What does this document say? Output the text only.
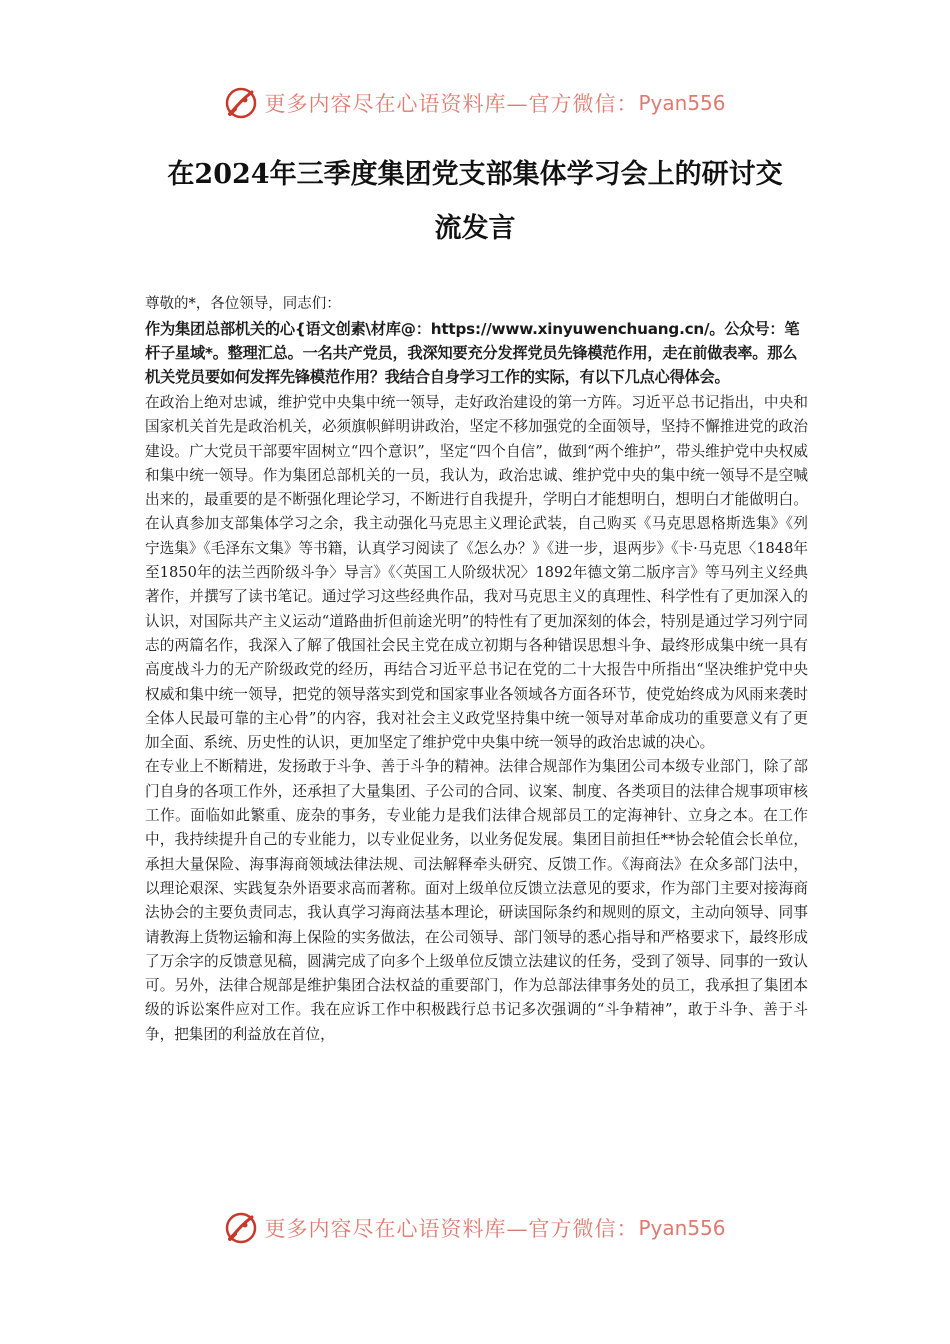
更多内容尽在心语资料库—官方微信： Pyan556
在2024年三季度集团党支部集体学习会上的研讨交
流发言

尊敬的*，各位领导，同志们：

作为集团总部机关的心{语文创素\材库@：https://www.xinyuwenchuang.cn/。公众号：笔杆子星域*。整理汇总。一名共产党员，我深知要充分发挥党员先锋模范作用，走在前做表率。那么机关党员要如何发挥先锋模范作用？我结合自身学习工作的实际，有以下几点心得体会。

在政治上绝对忠诚，维护党中央集中统一领导，走好政治建设的第一方阵。习近平总书记指出，中央和国家机关首先是政治机关，必须旗帜鲜明讲政治，坚定不移加强党的全面领导，坚持不懈推进党的政治建设。广大党员干部要牢固树立“四个意识”，坚定“四个自信”，做到“两个维护”，带头维护党中央权威和集中统一领导。作为集团总部机关的一员，我认为，政治忠诚、维护党中央的集中统一领导不是空喊出来的，最重要的是不断强化理论学习，不断进行自我提升，学明白才能想明白，想明白才能做明白。在认真参加支部集体学习之余，我主动强化马克思主义理论武装，自己购买《马克思恩格斯选集》《列宁选集》《毛泽东文集》等书籍，认真学习阅读了《怎么办？》《进一步，退两步》《卡·马克思〈1848年至1850年的法兰西阶级斗争〉导言》《〈英国工人阶级状况〉1892年德文第二版序言》等马列主义经典著作，并撰写了读书笔记。通过学习这些经典作品，我对马克思主义的真理性、科学性有了更加深入的认识，对国际共产主义运动“道路曲折但前途光明”的特性有了更加深刻的体会，特别是通过学习列宁同志的两篇名作，我深入了解了俄国社会民主党在成立初期与各种错误思想斗争、最终形成集中统一具有高度战斗力的无产阶级政党的经历，再结合习近平总书记在党的二十大报告中所指出“坚决维护党中央权威和集中统一领导，把党的领导落实到党和国家事业各领域各方面各环节，使党始终成为风雨来袭时全体人民最可靠的主心骨”的内容，我对社会主义政党坚持集中统一领导对革命成功的重要意义有了更加全面、系统、历史性的认识，更加坚定了维护党中央集中统一领导的政治忠诚的决心。

在专业上不断精进，发扬敢于斗争、善于斗争的精神。法律合规部作为集团公司本级专业部门，除了部门自身的各项工作外，还承担了大量集团、子公司的合同、议案、制度、各类项目的法律合规事项审核工作。面临如此繁重、庞杂的事务，专业能力是我们法律合规部员工的定海神针、立身之本。在工作中，我持续提升自己的专业能力，以专业促业务，以业务促发展。集团目前担任**协会轮值会长单位，承担大量保险、海事海商领域法律法规、司法解释牵头研究、反馈工作。《海商法》在众多部门法中，以理论艰深、实践复杂外语要求高而著称。面对上级单位反馈立法意见的要求，作为部门主要对接海商法协会的主要负责同志，我认真学习海商法基本理论，研读国际条约和规则的原文，主动向领导、同事请教海上货物运输和海上保险的实务做法，在公司领导、部门领导的悉心指导和严格要求下，最终形成了万余字的反馈意见稿，圆满完成了向多个上级单位反馈立法建议的任务，受到了领导、同事的一致认可。另外，法律合规部是维护集团合法权益的重要部门，作为总部法律事务处的员工，我承担了集团本级的诉讼案件应对工作。我在应诉工作中积极践行总书记多次强调的“斗争精神”，敢于斗争、善于斗争，把集团的利益放在首位，

更多内容尽在心语资料库—官方微信： Pyan556
